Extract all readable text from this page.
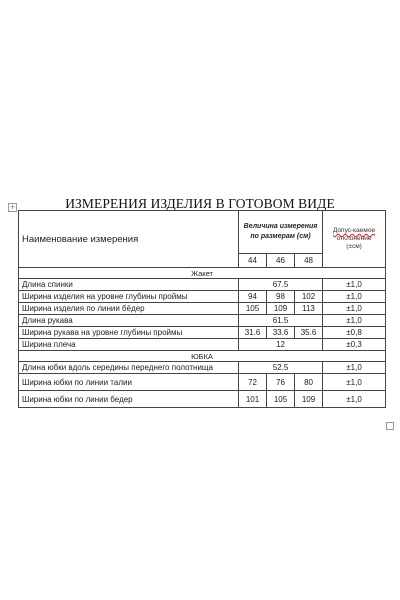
ИЗМЕРЕНИЯ ИЗДЕЛИЯ В ГОТОВОМ ВИДЕ
+
Наименование измерения	Величина измерения по размерам (см)			Допус-каемое
отклонение
(±см)
	44	46	48	
Жакет				
Длина спинки	67.5			±1,0
Ширина изделия на уровне глубины проймы	94	98	102	±1,0
Ширина изделия по линии бёдер	105	109	113	±1,0
Длина рукава	61.5			±1,0
Ширина рукава на уровне глубины проймы	31.6	33.6	35.6	±0,8
Ширина плеча	12			±0,3
ЮБКА				
Длина юбки вдоль середины переднего полотнища	52.5			±1,0
Ширина юбки по линии талии	72	76	80	±1,0
Ширина юбки по линии бедер	101	105	109	±1,0
